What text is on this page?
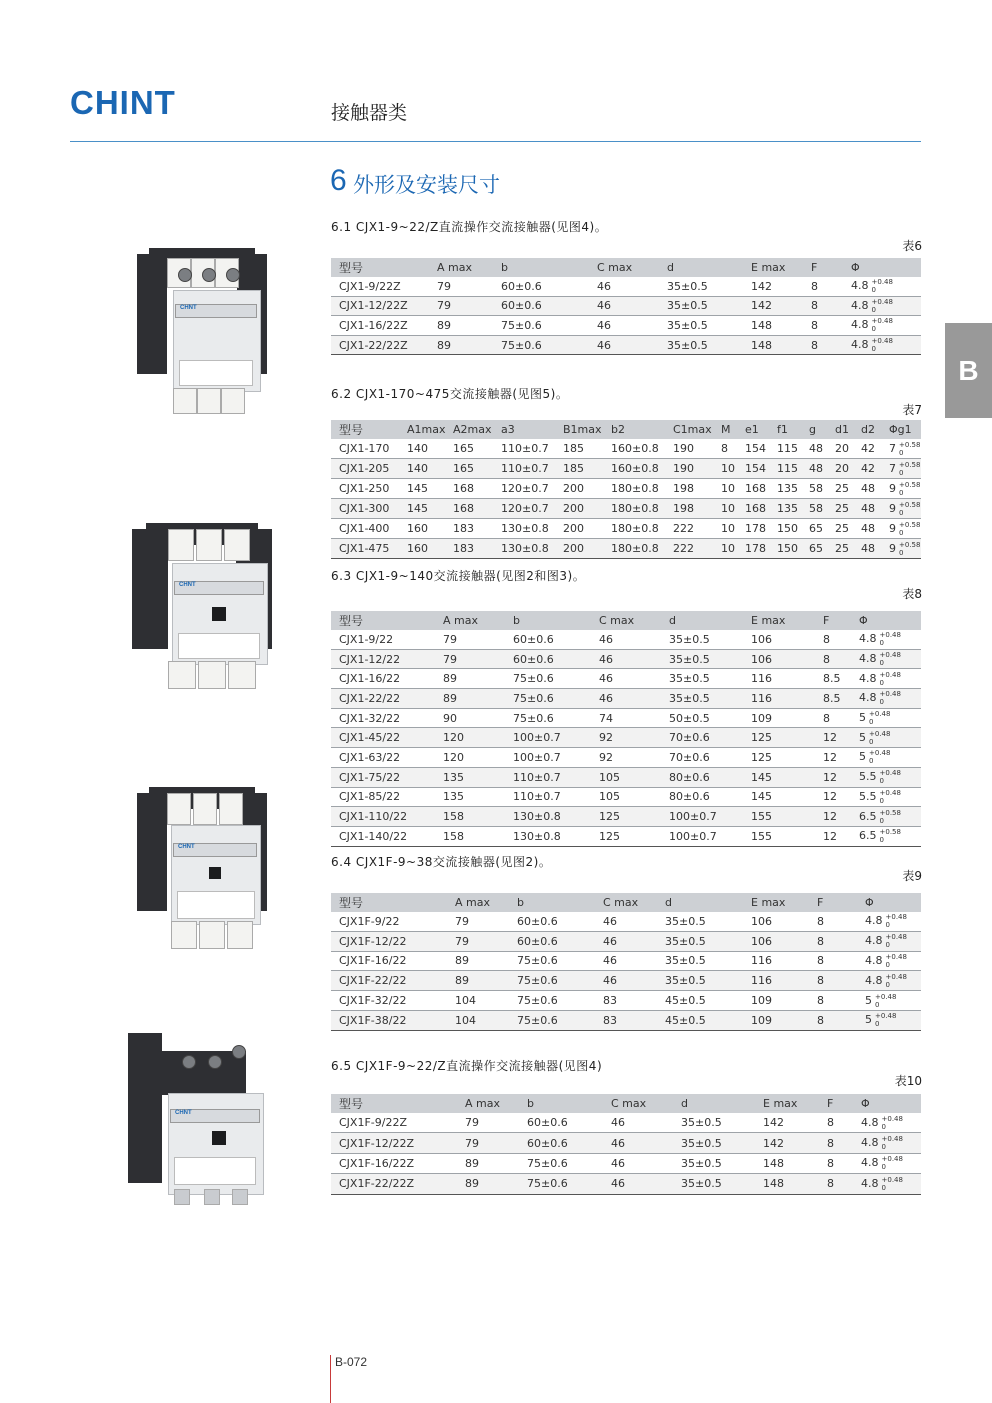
CHINT	接触器类
6 外形及安装尺寸
B
CHNT
CHNT
CHNT
CHNT
6.1 CJX1-9~22/Z直流操作交流接触器(见图4)。
表6
型号	A max	b	C max	d	E max	F	Φ
CJX1-9/22Z	79	60±0.6	46	35±0.5	142	8	4.8 +0.48
0

CJX1-12/22Z	79	60±0.6	46	35±0.5	142	8	4.8 +0.48
0

CJX1-16/22Z	89	75±0.6	46	35±0.5	148	8	4.8 +0.48
0

CJX1-22/22Z	89	75±0.6	46	35±0.5	148	8	4.8 +0.48
0
6.2 CJX1-170~475交流接触器(见图5)。
表7
型号	A1max	A2max	a3	B1max	b2	C1max	M	e1	f1	g	d1	d2	Φg1
CJX1-170	140	165	110±0.7	185	160±0.8	190	8	154	115	48	20	42	7 +0.58
0

CJX1-205	140	165	110±0.7	185	160±0.8	190	10	154	115	48	20	42	7 +0.58
0

CJX1-250	145	168	120±0.7	200	180±0.8	198	10	168	135	58	25	48	9 +0.58
0

CJX1-300	145	168	120±0.7	200	180±0.8	198	10	168	135	58	25	48	9 +0.58
0

CJX1-400	160	183	130±0.8	200	180±0.8	222	10	178	150	65	25	48	9 +0.58
0

CJX1-475	160	183	130±0.8	200	180±0.8	222	10	178	150	65	25	48	9 +0.58
0
6.3 CJX1-9~140交流接触器(见图2和图3)。
表8
型号	A max	b	C max	d	E max	F	Φ
CJX1-9/22	79	60±0.6	46	35±0.5	106	8	4.8 +0.48
0

CJX1-12/22	79	60±0.6	46	35±0.5	106	8	4.8 +0.48
0

CJX1-16/22	89	75±0.6	46	35±0.5	116	8.5	4.8 +0.48
0

CJX1-22/22	89	75±0.6	46	35±0.5	116	8.5	4.8 +0.48
0

CJX1-32/22	90	75±0.6	74	50±0.5	109	8	5 +0.48
0

CJX1-45/22	120	100±0.7	92	70±0.6	125	12	5 +0.48
0

CJX1-63/22	120	100±0.7	92	70±0.6	125	12	5 +0.48
0

CJX1-75/22	135	110±0.7	105	80±0.6	145	12	5.5 +0.48
0

CJX1-85/22	135	110±0.7	105	80±0.6	145	12	5.5 +0.48
0

CJX1-110/22	158	130±0.8	125	100±0.7	155	12	6.5 +0.58
0

CJX1-140/22	158	130±0.8	125	100±0.7	155	12	6.5 +0.58
0
6.4 CJX1F-9~38交流接触器(见图2)。
表9
型号	A max	b	C max	d	E max	F	Φ
CJX1F-9/22	79	60±0.6	46	35±0.5	106	8	4.8 +0.48
0

CJX1F-12/22	79	60±0.6	46	35±0.5	106	8	4.8 +0.48
0

CJX1F-16/22	89	75±0.6	46	35±0.5	116	8	4.8 +0.48
0

CJX1F-22/22	89	75±0.6	46	35±0.5	116	8	4.8 +0.48
0

CJX1F-32/22	104	75±0.6	83	45±0.5	109	8	5 +0.48
0

CJX1F-38/22	104	75±0.6	83	45±0.5	109	8	5 +0.48
0
6.5 CJX1F-9~22/Z直流操作交流接触器(见图4)
表10
型号	A max	b	C max	d	E max	F	Φ
CJX1F-9/22Z	79	60±0.6	46	35±0.5	142	8	4.8 +0.48
0

CJX1F-12/22Z	79	60±0.6	46	35±0.5	142	8	4.8 +0.48
0

CJX1F-16/22Z	89	75±0.6	46	35±0.5	148	8	4.8 +0.48
0

CJX1F-22/22Z	89	75±0.6	46	35±0.5	148	8	4.8 +0.48
0
B-072
